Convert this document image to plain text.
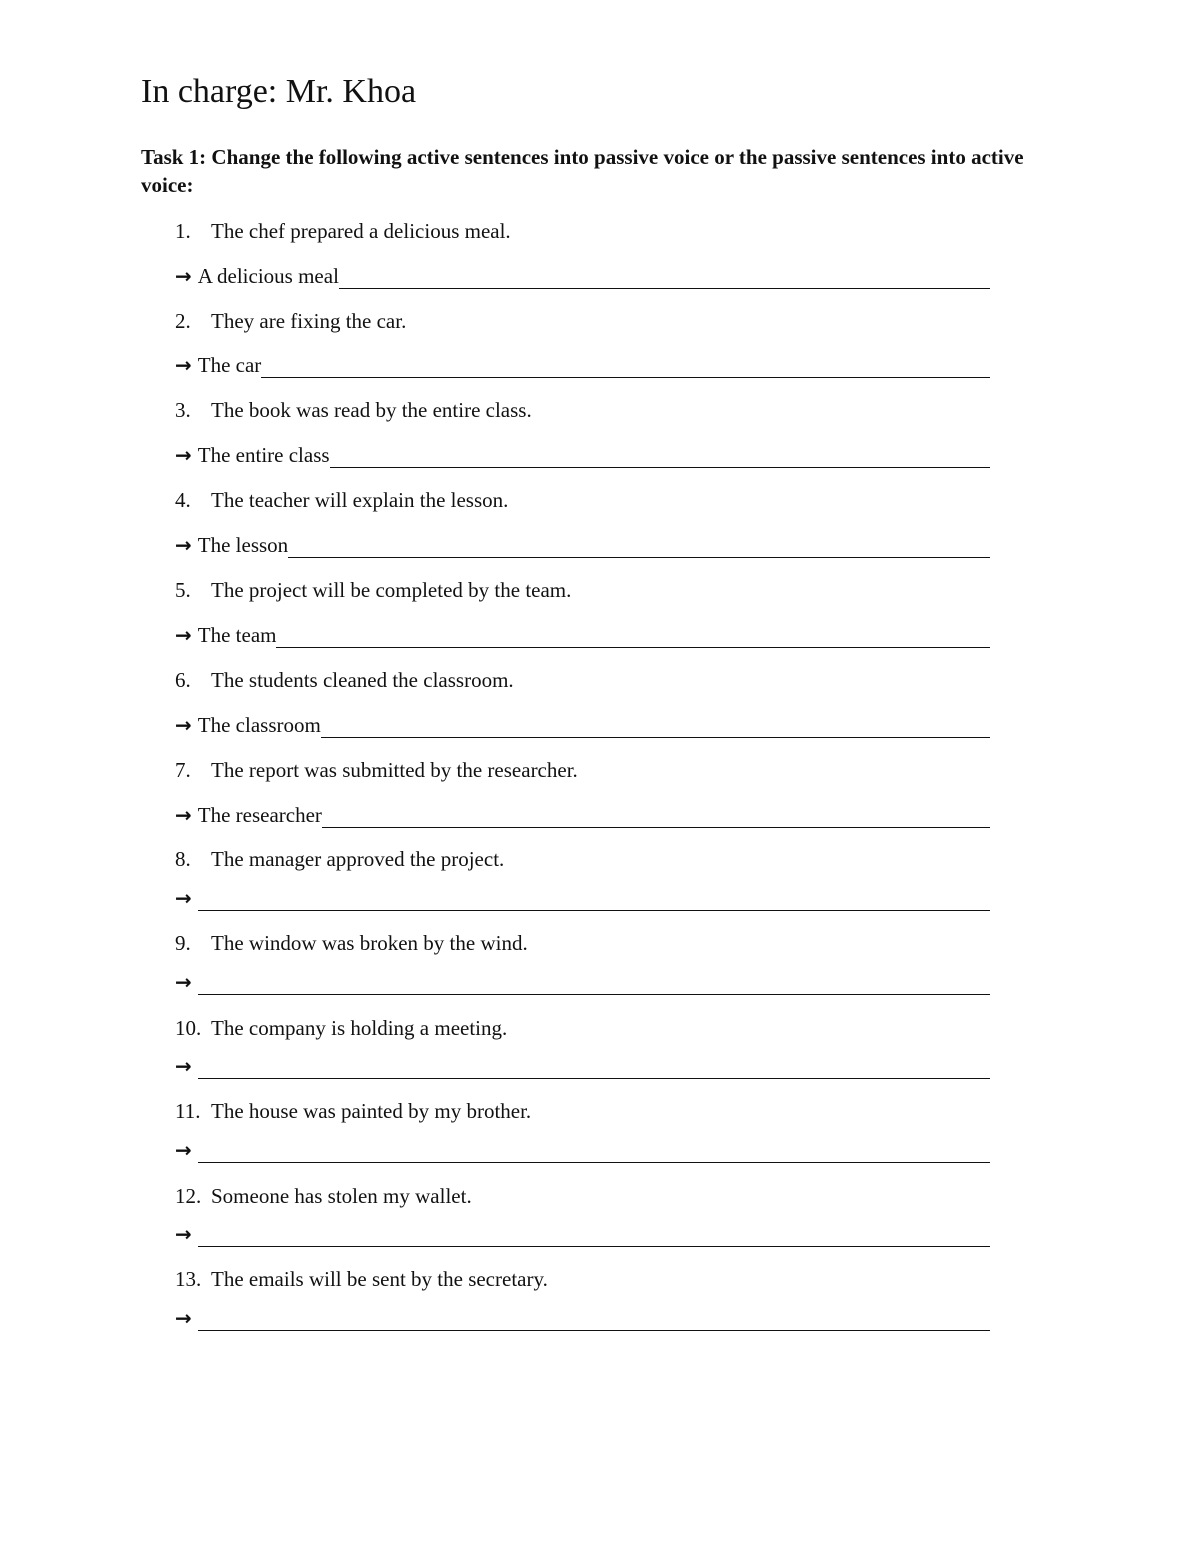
In charge: Mr. Khoa
Task 1: Change the following active sentences into passive voice or the passive sentences into active voice:
1. The chef prepared a delicious meal.
→ A delicious meal
2. They are fixing the car.
→ The car
3. The book was read by the entire class.
→ The entire class
4. The teacher will explain the lesson.
→ The lesson
5. The project will be completed by the team.
→ The team
6. The students cleaned the classroom.
→ The classroom
7. The report was submitted by the researcher.
→ The researcher
8. The manager approved the project.
→
9. The window was broken by the wind.
→
10. The company is holding a meeting.
→
11. The house was painted by my brother.
→
12. Someone has stolen my wallet.
→
13. The emails will be sent by the secretary.
→
